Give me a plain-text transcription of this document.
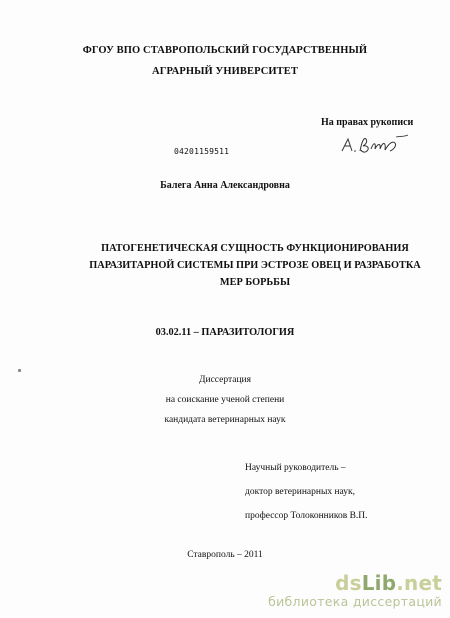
ФГОУ ВПО СТАВРОПОЛЬСКИЙ ГОСУДАРСТВЕННЫЙ
АГРАРНЫЙ УНИВЕРСИТЕТ
На правах рукописи
04201159511
Балега Анна Александровна
ПАТОГЕНЕТИЧЕСКАЯ СУЩНОСТЬ ФУНКЦИОНИРОВАНИЯ
ПАРАЗИТАРНОЙ СИСТЕМЫ ПРИ ЭСТРОЗЕ ОВЕЦ И РАЗРАБОТКА
МЕР БОРЬБЫ
03.02.11 – ПАРАЗИТОЛОГИЯ
Диссертация
на соискание ученой степени
кандидата ветеринарных наук
Научный руководитель –
доктор ветеринарных наук,
профессор Толоконников В.П.
Ставрополь – 2011
dsLib.net
библиотека диссертаций
